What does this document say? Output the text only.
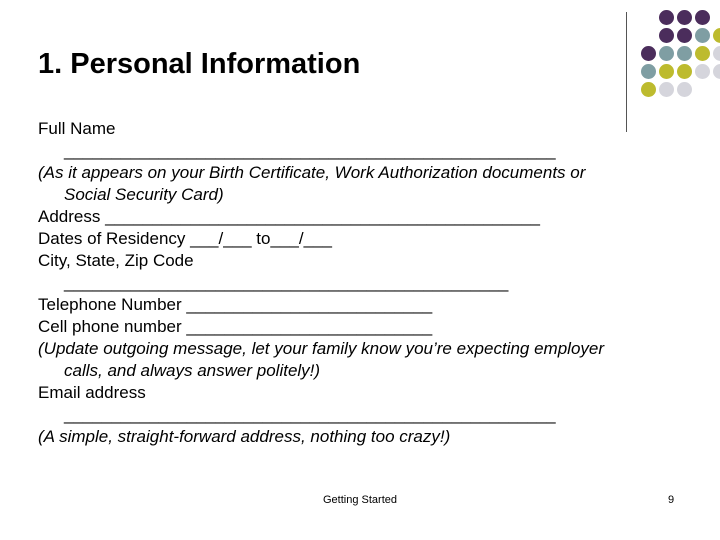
1. Personal Information
Full Name
____________________________________________________
(As it appears on your Birth Certificate, Work Authorization documents or
Social Security Card)
Address ______________________________________________
Dates of Residency ___/___ to___/___
City, State, Zip Code
_______________________________________________
Telephone Number __________________________
Cell phone number __________________________
(Update outgoing message, let your family know you’re expecting employer
calls, and always answer politely!)
Email address
____________________________________________________
(A simple, straight-forward address, nothing too crazy!)
Getting Started	9
